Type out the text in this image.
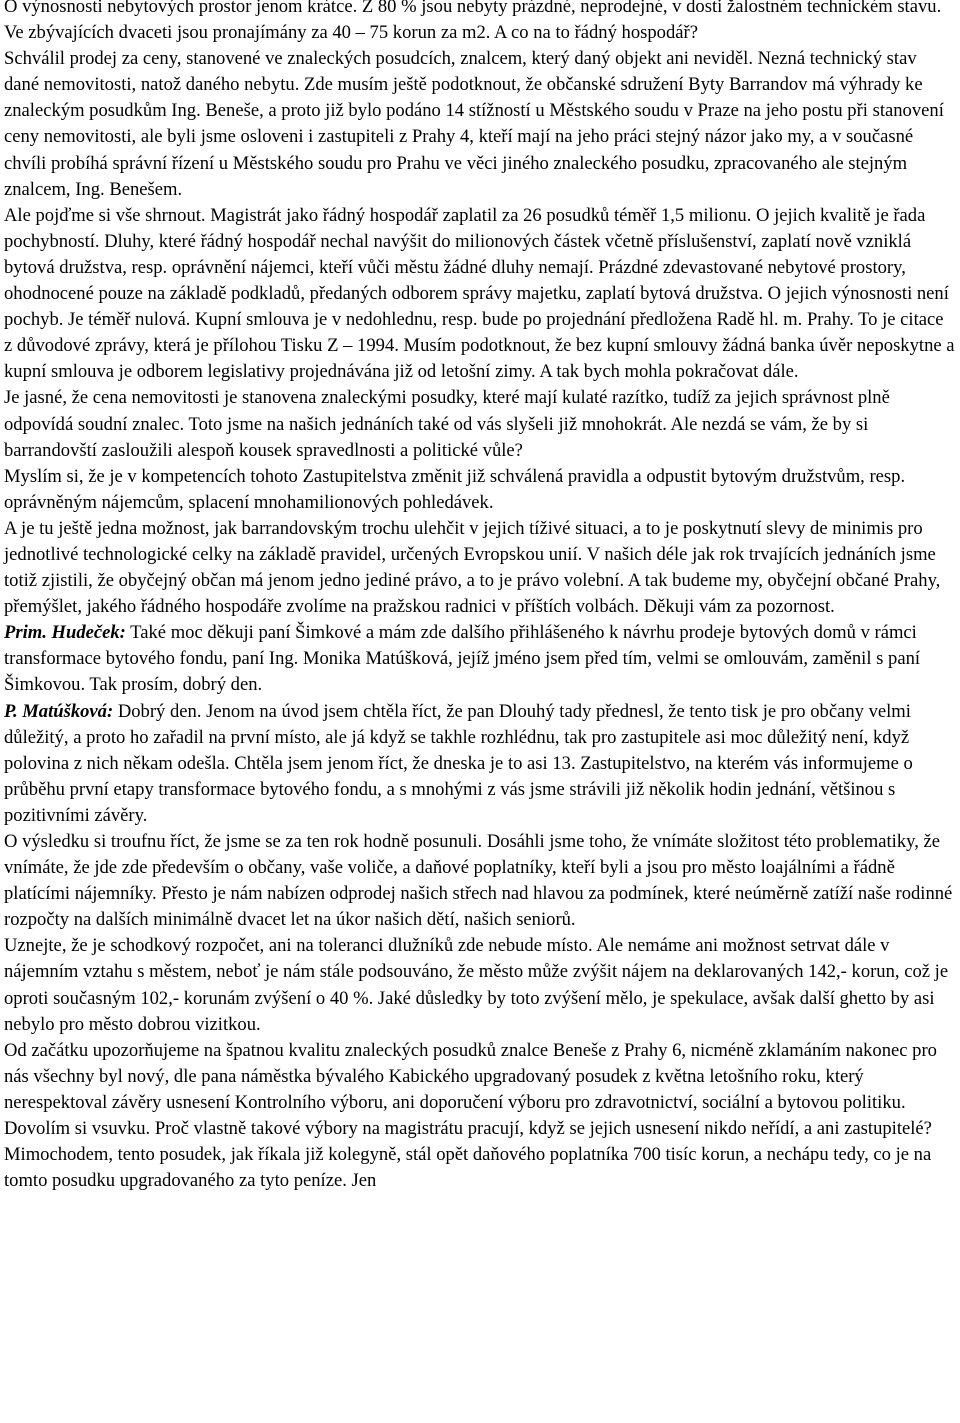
O výnosnosti nebytových prostor jenom krátce. Z 80 % jsou nebyty prázdné, neprodejné, v dosti žalostném technickém stavu. Ve zbývajících dvaceti jsou pronajímány za 40 – 75 korun za m2. A co na to řádný hospodář?

Schválil prodej za ceny, stanovené ve znaleckých posudcích, znalcem, který daný objekt ani neviděl. Nezná technický stav dané nemovitosti, natož daného nebytu. Zde musím ještě podotknout, že občanské sdružení Byty Barrandov má výhrady ke znaleckým posudkům Ing. Beneše, a proto již bylo podáno 14 stížností u Městského soudu v Praze na jeho postu při stanovení ceny nemovitosti, ale byli jsme osloveni i zastupiteli z Prahy 4, kteří mají na jeho práci stejný názor jako my, a v současné chvíli probíhá správní řízení u Městského soudu pro Prahu ve věci jiného znaleckého posudku, zpracovaného ale stejným znalcem, Ing. Benešem.

Ale pojďme si vše shrnout. Magistrát jako řádný hospodář zaplatil za 26 posudků téměř 1,5 milionu. O jejich kvalitě je řada pochybností. Dluhy, které řádný hospodář nechal navýšit do milionových částek včetně příslušenství, zaplatí nově vzniklá bytová družstva, resp. oprávnění nájemci, kteří vůči městu žádné dluhy nemají. Prázdné zdevastované nebytové prostory, ohodnocené pouze na základě podkladů, předaných odborem správy majetku, zaplatí bytová družstva. O jejich výnosnosti není pochyb. Je téměř nulová. Kupní smlouva je v nedohlednu, resp. bude po projednání předložena Radě hl. m. Prahy. To je citace z důvodové zprávy, která je přílohou Tisku Z – 1994. Musím podotknout, že bez kupní smlouvy žádná banka úvěr neposkytne a kupní smlouva je odborem legislativy projednávána již od letošní zimy. A tak bych mohla pokračovat dále.

Je jasné, že cena nemovitosti je stanovena znaleckými posudky, které mají kulaté razítko, tudíž za jejich správnost plně odpovídá soudní znalec. Toto jsme na našich jednáních také od vás slyšeli již mnohokrát. Ale nezdá se vám, že by si barrandovští zasloužili alespoň kousek spravedlnosti a politické vůle?

Myslím si, že je v kompetencích tohoto Zastupitelstva změnit již schválená pravidla a odpustit bytovým družstvům, resp. oprávněným nájemcům, splacení mnohamilionových pohledávek.

A je tu ještě jedna možnost, jak barrandovským trochu ulehčit v jejich tíživé situaci, a to je poskytnutí slevy de minimis pro jednotlivé technologické celky na základě pravidel, určených Evropskou unií. V našich déle jak rok trvajících jednáních jsme totiž zjistili, že obyčejný občan má jenom jedno jediné právo, a to je právo volební. A tak budeme my, obyčejní občané Prahy, přemýšlet, jakého řádného hospodáře zvolíme na pražskou radnici v příštích volbách. Děkuji vám za pozornost.

Prim. Hudeček: Také moc děkuji paní Šimkové a mám zde dalšího přihlášeného k návrhu prodeje bytových domů v rámci transformace bytového fondu, paní Ing. Monika Matúšková, jejíž jméno jsem před tím, velmi se omlouvám, zaměnil s paní Šimkovou. Tak prosím, dobrý den.

P. Matúšková: Dobrý den. Jenom na úvod jsem chtěla říct, že pan Dlouhý tady přednesl, že tento tisk je pro občany velmi důležitý, a proto ho zařadil na první místo, ale já když se takhle rozhlédnu, tak pro zastupitele asi moc důležitý není, když polovina z nich někam odešla. Chtěla jsem jenom říct, že dneska je to asi 13. Zastupitelstvo, na kterém vás informujeme o průběhu první etapy transformace bytového fondu, a s mnohými z vás jsme strávili již několik hodin jednání, většinou s pozitivními závěry.

O výsledku si troufnu říct, že jsme se za ten rok hodně posunuli. Dosáhli jsme toho, že vnímáte složitost této problematiky, že vnímáte, že jde zde především o občany, vaše voliče, a daňové poplatníky, kteří byli a jsou pro město loajálními a řádně platícími nájemníky. Přesto je nám nabízen odprodej našich střech nad hlavou za podmínek, které neúměrně zatíží naše rodinné rozpočty na dalších minimálně dvacet let na úkor našich dětí, našich seniorů.

Uznejte, že je schodkový rozpočet, ani na toleranci dlužníků zde nebude místo. Ale nemáme ani možnost setrvat dále v nájemním vztahu s městem, neboť je nám stále podsouváno, že město může zvýšit nájem na deklarovaných 142,- korun, což je oproti současným 102,- korunám zvýšení o 40 %. Jaké důsledky by toto zvýšení mělo, je spekulace, avšak další ghetto by asi nebylo pro město dobrou vizitkou.

Od začátku upozorňujeme na špatnou kvalitu znaleckých posudků znalce Beneše z Prahy 6, nicméně zklamáním nakonec pro nás všechny byl nový, dle pana náměstka bývalého Kabického upgradovaný posudek z května letošního roku, který nerespektoval závěry usnesení Kontrolního výboru, ani doporučení výboru pro zdravotnictví, sociální a bytovou politiku.

Dovolím si vsuvku. Proč vlastně takové výbory na magistrátu pracují, když se jejich usnesení nikdo neřídí, a ani zastupitelé? Mimochodem, tento posudek, jak říkala již kolegyně, stál opět daňového poplatníka 700 tisíc korun, a nechápu tedy, co je na tomto posudku upgradovaného za tyto peníze. Jen
